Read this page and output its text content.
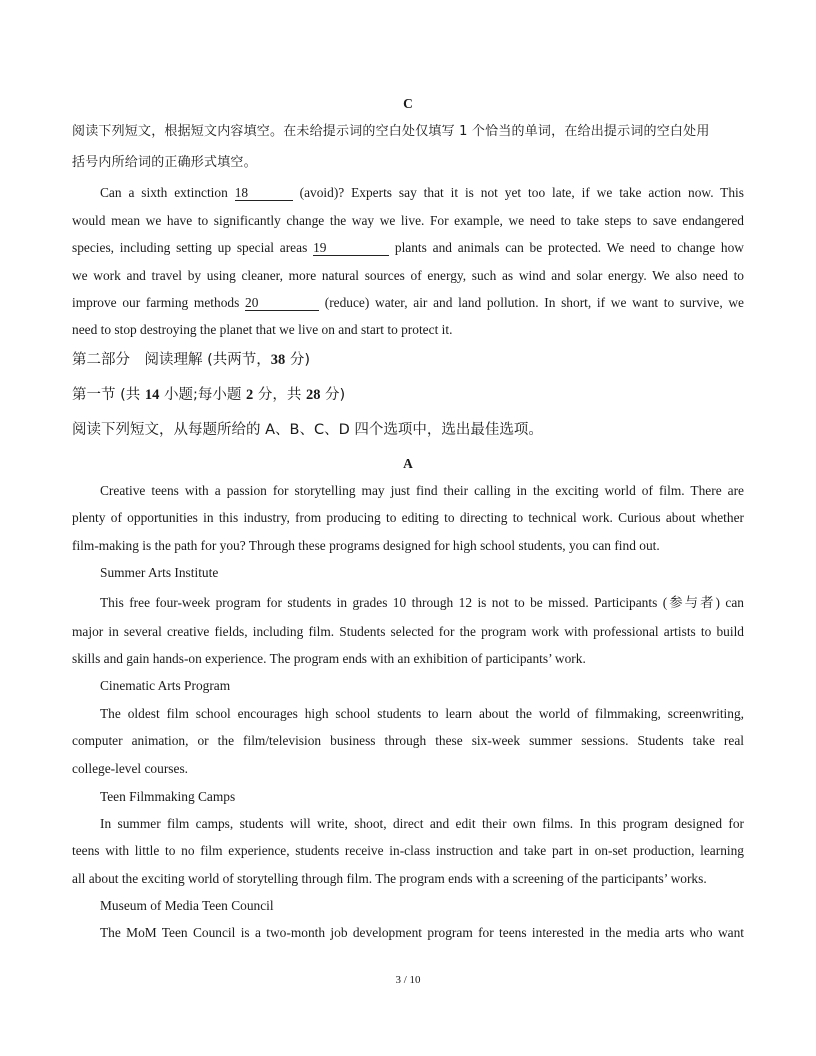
C
阅读下列短文，根据短文内容填空。在未给提示词的空白处仅填写 1 个恰当的单词，在给出提示词的空白处用
括号内所给词的正确形式填空。
Can a sixth extinction 18	(avoid)? Experts say that it is not yet too late, if we take action now. This
would mean we have to significantly change the way we live. For example, we need to take steps to save endangered
species, including setting up special areas 19	plants and animals can be protected. We need to change how
we work and travel by using cleaner, more natural sources of energy, such as wind and solar energy. We also need to
improve our farming methods 20	(reduce) water, air and land pollution. In short, if we want to survive, we
need to stop destroying the planet that we live on and start to protect it.
第二部分　阅读理解 (共两节，38 分)
第一节 (共 14 小题;每小题 2 分，共 28 分)
阅读下列短文，从每题所给的 A、B、C、D 四个选项中，选出最佳选项。
A
Creative teens with a passion for storytelling may just find their calling in the exciting world of film. There are
plenty of opportunities in this industry, from producing to editing to directing to technical work. Curious about whether
film-making is the path for you? Through these programs designed for high school students, you can find out.
Summer Arts Institute
This free four-week program for students in grades 10 through 12 is not to be missed. Participants (参与者) can
major in several creative fields, including film. Students selected for the program work with professional artists to build
skills and gain hands-on experience. The program ends with an exhibition of participants’ work.
Cinematic Arts Program
The oldest film school encourages high school students to learn about the world of filmmaking, screenwriting,
computer animation, or the film/television business through these six-week summer sessions. Students take real
college-level courses.
Teen Filmmaking Camps
In summer film camps, students will write, shoot, direct and edit their own films. In this program designed for
teens with little to no film experience, students receive in-class instruction and take part in on-set production, learning
all about the exciting world of storytelling through film. The program ends with a screening of the participants’ works.
Museum of Media Teen Council
The MoM Teen Council is a two-month job development program for teens interested in the media arts who want
3 / 10
